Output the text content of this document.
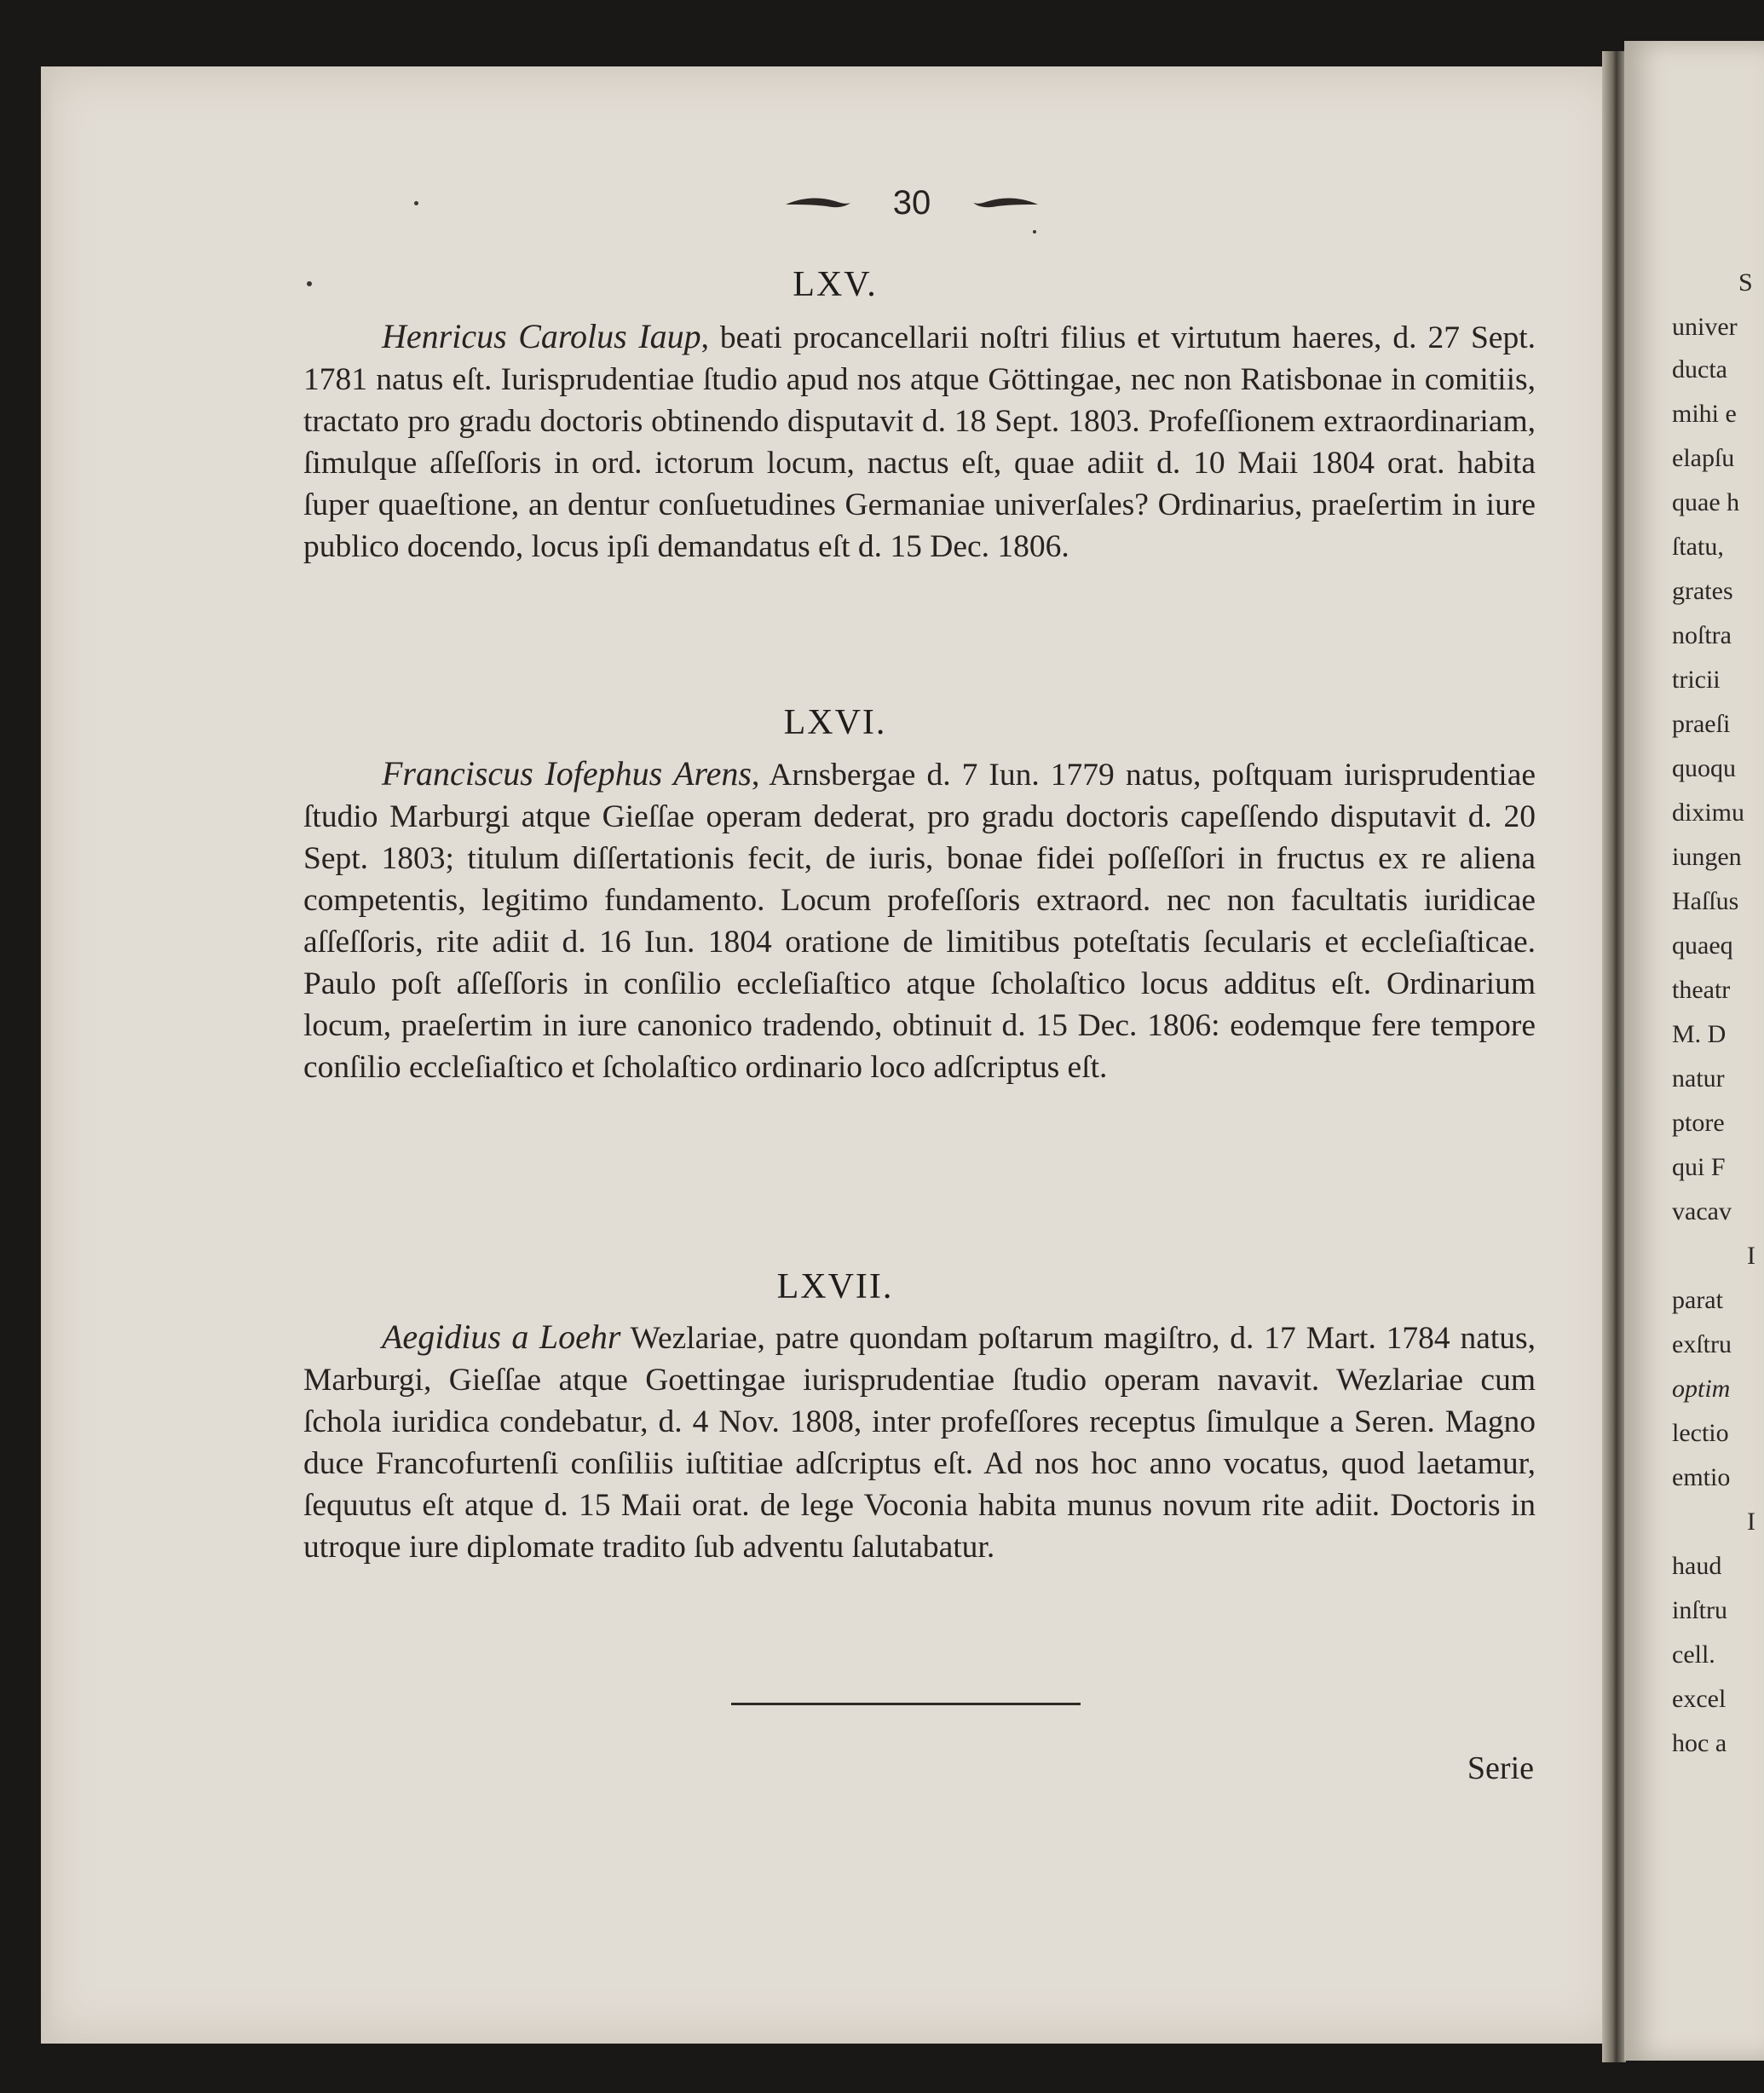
30
LXV.
Henricus Carolus Iaup, beati procancellarii noſtri filius et virtutum haeres, d. 27 Sept. 1781 natus eſt. Iurisprudentiae ſtudio apud nos atque Göttingae, nec non Ratisbonae in comitiis, tractato pro gradu doctoris obtinendo disputavit d. 18 Sept. 1803. Profeſſionem extraordinariam, ſimulque aſſeſſoris in ord. ictorum locum, nactus eſt, quae adiit d. 10 Maii 1804 orat. habita ſuper quaeſtione, an dentur conſuetudines Germaniae univerſales? Ordinarius, praeſertim in iure publico docendo, locus ipſi demandatus eſt d. 15 Dec. 1806.
LXVI.
Franciscus Iofephus Arens, Arnsbergae d. 7 Iun. 1779 natus, poſtquam iurisprudentiae ſtudio Marburgi atque Gieſſae operam dederat, pro gradu doctoris capeſſendo disputavit d. 20 Sept. 1803; titulum diſſertationis fecit, de iuris, bonae fidei poſſeſſori in fructus ex re aliena competentis, legitimo fundamento. Locum profeſſoris extraord. nec non facultatis iuridicae aſſeſſoris, rite adiit d. 16 Iun. 1804 oratione de limitibus poteſtatis ſecularis et eccleſiaſticae. Paulo poſt aſſeſſoris in conſilio eccleſiaſtico atque ſcholaſtico locus additus eſt. Ordinarium locum, praeſertim in iure canonico tradendo, obtinuit d. 15 Dec. 1806: eodemque fere tempore conſilio eccleſiaſtico et ſcholaſtico ordinario loco adſcriptus eſt.
LXVII.
Aegidius a Loehr Wezlariae, patre quondam poſtarum magiſtro, d. 17 Mart. 1784 natus, Marburgi, Gieſſae atque Goettingae iurisprudentiae ſtudio operam navavit. Wezlariae cum ſchola iuridica condebatur, d. 4 Nov. 1808, inter profeſſores receptus ſimulque a Seren. Magno duce Francofurtenſi conſiliis iuſtitiae adſcriptus eſt. Ad nos hoc anno vocatus, quod laetamur, ſequutus eſt atque d. 15 Maii orat. de lege Voconia habita munus novum rite adiit. Doctoris in utroque iure diplomate tradito ſub adventu ſalutabatur.
Serie
S
univer
ducta
mihi e
elapſu
quae h
ſtatu,
grates
noſtra
tricii
praeſi
quoqu
diximu
iungen
Haſſus
quaeq
theatr
M. D
natur
ptore
qui F
vacav
I
parat
exſtru
optim
lectio
emtio
I
haud
inſtru
cell.
excel
hoc a
